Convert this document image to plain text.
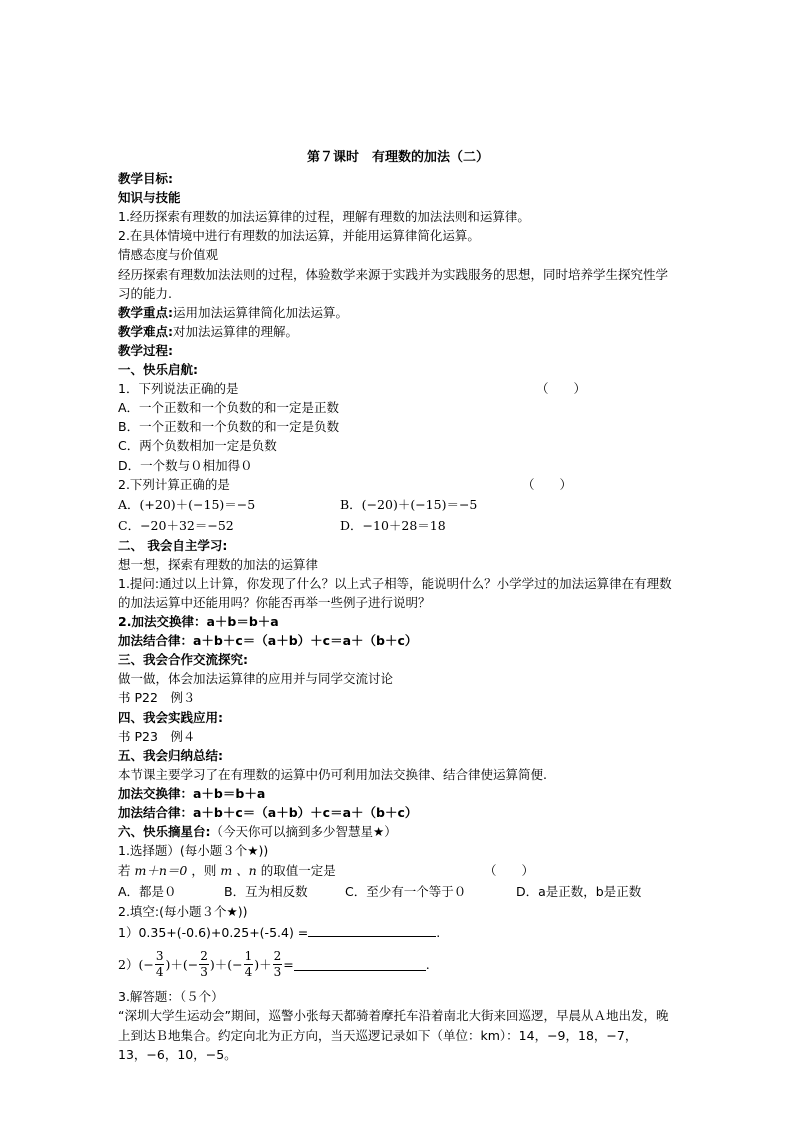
第７课时　有理数的加法（二）
教学目标:
知识与技能
1.经历探索有理数的加法运算律的过程，理解有理数的加法法则和运算律。
2.在具体情境中进行有理数的加法运算，并能用运算律简化运算。
情感态度与价值观
经历探索有理数加法法则的过程，体验数学来源于实践并为实践服务的思想，同时培养学生探究性学习的能力.
教学重点:运用加法运算律简化加法运算。
教学难点:对加法运算律的理解。
教学过程:
一、快乐启航:
1．下列说法正确的是	（　　）
A．一个正数和一个负数的和一定是正数
B．一个正数和一个负数的和一定是负数
C．两个负数相加一定是负数
D．一个数与０相加得０
2.下列计算正确的是	（　　）
A．(+20)＋(−15)＝−5	B．(−20)＋(−15)＝−5
C．−20＋32＝−52	D．−10＋28＝18
二、 我会自主学习:
想一想，探索有理数的加法的运算律
1.提问:通过以上计算，你发现了什么？以上式子相等，能说明什么？小学学过的加法运算律在有理数的加法运算中还能用吗？你能否再举一些例子进行说明？
2.加法交换律：a＋b＝b＋a
加法结合律：a＋b＋c＝（a＋b）＋c＝a＋（b＋c）
三、我会合作交流探究:
做一做，体会加法运算律的应用并与同学交流讨论
书 P22　例３
四、我会实践应用:
书 P23　例４
五、我会归纳总结:
本节课主要学习了在有理数的运算中仍可利用加法交换律、结合律使运算简便.
加法交换律：a＋b＝b＋a
加法结合律：a＋b＋c＝（a＋b）＋c＝a＋（b＋c）
六、快乐摘星台:（今天你可以摘到多少智慧星★）
1.选择题）(每小题３个★))
若 m＋n＝0 ，则 m 、n 的取值一定是	（　　）
A．都是０	B．互为相反数	C．至少有一个等于０	D．a是正数，b是正数
2.填空:(每小题３个★))
1）0.35+(-0.6)+0.25+(-5.4) =	.
2） (− $\frac{3}{4}$ )＋ (− $\frac{2}{3}$ )＋ (− $\frac{1}{4}$ )＋ $\frac{2}{3}$ =	.
3.解答题：（５个）
“深圳大学生运动会”期间，巡警小张每天都骑着摩托车沿着南北大街来回巡逻，早晨从Ａ地出发，晚上到达Ｂ地集合。约定向北为正方向，当天巡逻记录如下（单位：km）：14，−9，18，−7，13，−6，10，−5。
